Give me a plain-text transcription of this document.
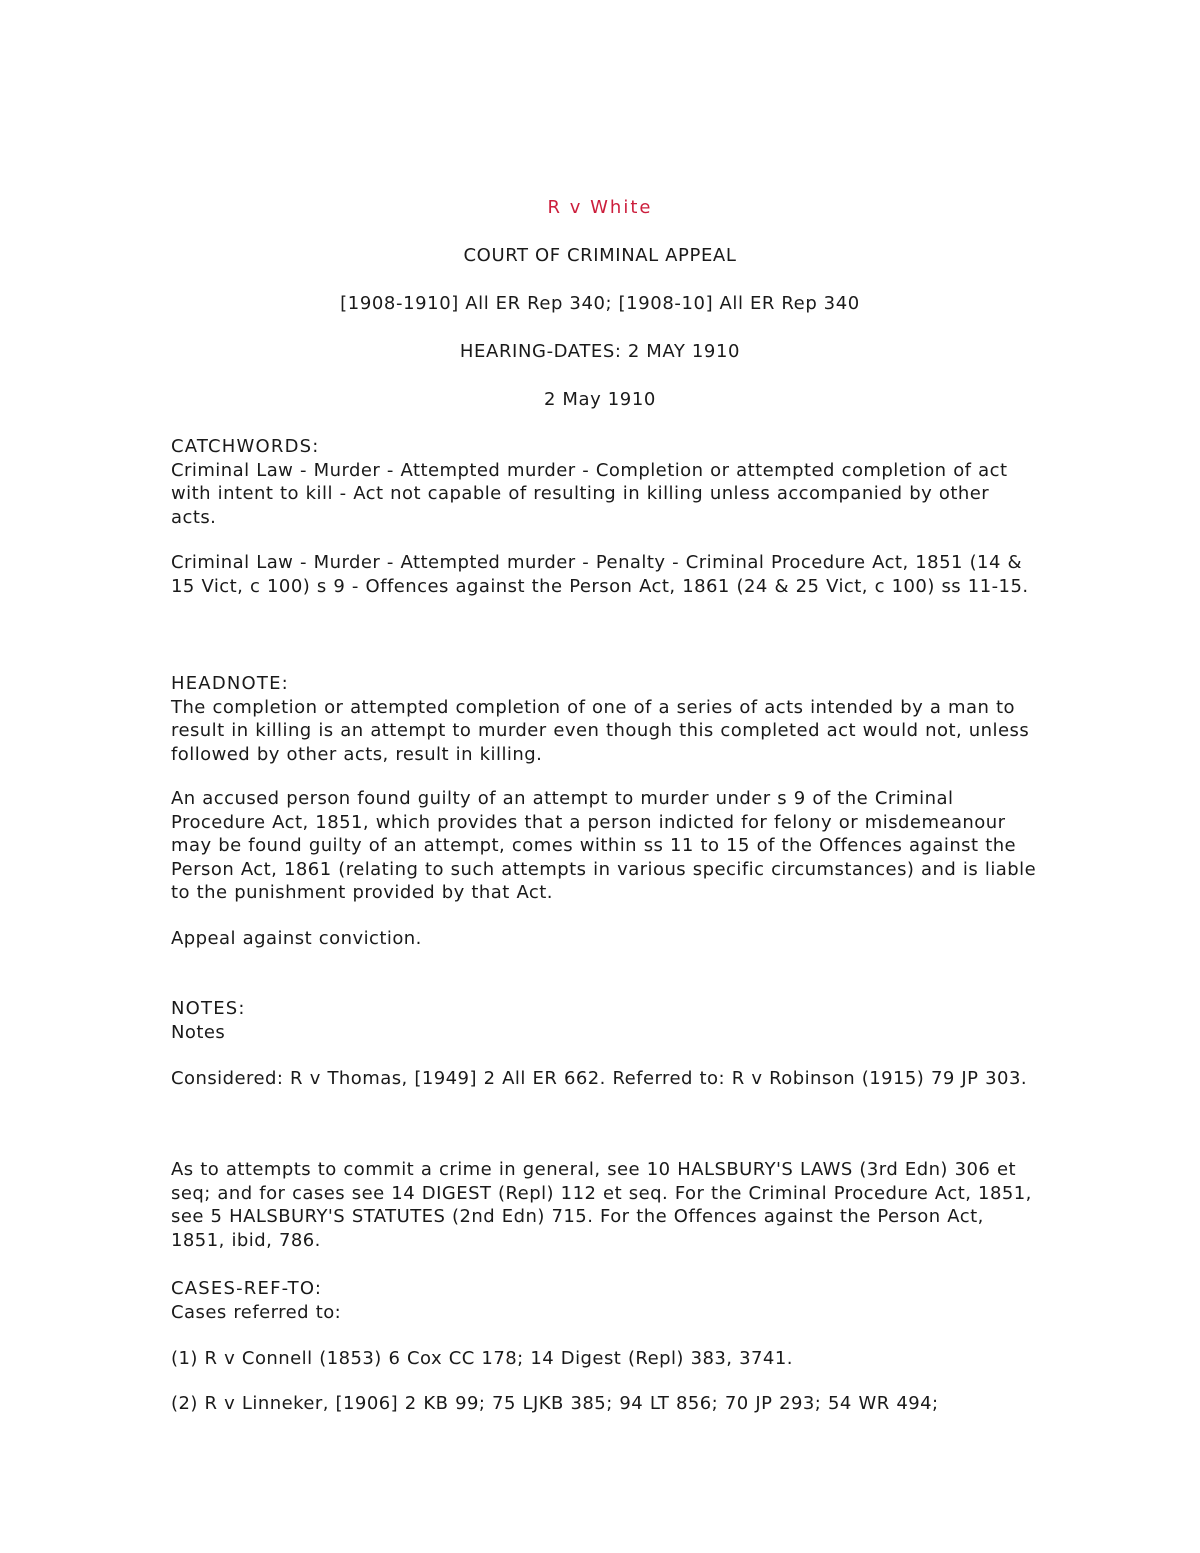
R v White
COURT OF CRIMINAL APPEAL
[1908-1910] All ER Rep 340; [1908-10] All ER Rep 340
HEARING-DATES: 2 MAY 1910
2 May 1910

CATCHWORDS:

Criminal Law - Murder - Attempted murder - Completion or attempted completion of act with intent to kill - Act not capable of resulting in killing unless accompanied by other acts.

Criminal Law - Murder - Attempted murder - Penalty - Criminal Procedure Act, 1851 (14 & 15 Vict, c 100) s 9 - Offences against the Person Act, 1861 (24 & 25 Vict, c 100) ss 11-15.

HEADNOTE:

The completion or attempted completion of one of a series of acts intended by a man to result in killing is an attempt to murder even though this completed act would not, unless followed by other acts, result in killing.

An accused person found guilty of an attempt to murder under s 9 of the Criminal Procedure Act, 1851, which provides that a person indicted for felony or misdemeanour may be found guilty of an attempt, comes within ss 11 to 15 of the Offences against the Person Act, 1861 (relating to such attempts in various specific circumstances) and is liable to the punishment provided by that Act.

Appeal against conviction.

NOTES:

Notes

Considered: R v Thomas, [1949] 2 All ER 662. Referred to: R v Robinson (1915) 79 JP 303.

As to attempts to commit a crime in general, see 10 HALSBURY'S LAWS (3rd Edn) 306 et seq; and for cases see 14 DIGEST (Repl) 112 et seq. For the Criminal Procedure Act, 1851, see 5 HALSBURY'S STATUTES (2nd Edn) 715. For the Offences against the Person Act, 1851, ibid, 786.

CASES-REF-TO:

Cases referred to:

(1) R v Connell (1853) 6 Cox CC 178; 14 Digest (Repl) 383, 3741.

(2) R v Linneker, [1906] 2 KB 99; 75 LJKB 385; 94 LT 856; 70 JP 293; 54 WR 494;
